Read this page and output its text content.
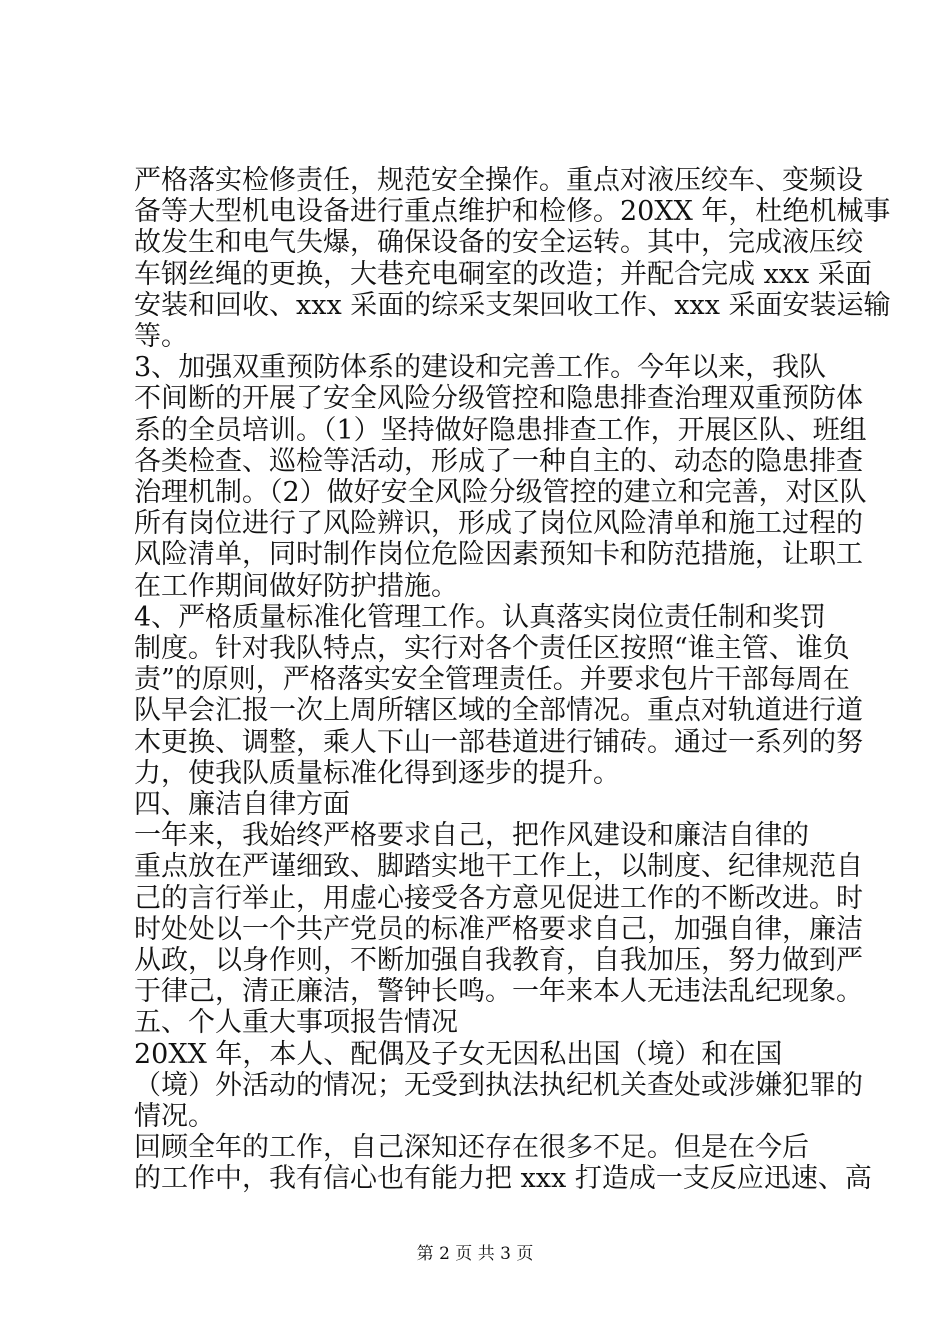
严格落实检修责任，规范安全操作。重点对液压绞车、变频设
备等大型机电设备进行重点维护和检修。20XX 年，杜绝机械事
故发生和电气失爆，确保设备的安全运转。其中，完成液压绞
车钢丝绳的更换，大巷充电硐室的改造；并配合完成 xxx 采面
安装和回收、xxx 采面的综采支架回收工作、xxx 采面安装运输
等。
3、加强双重预防体系的建设和完善工作。今年以来，我队
不间断的开展了安全风险分级管控和隐患排查治理双重预防体
系的全员培训。（1）坚持做好隐患排查工作，开展区队、班组
各类检查、巡检等活动，形成了一种自主的、动态的隐患排查
治理机制。（2）做好安全风险分级管控的建立和完善，对区队
所有岗位进行了风险辨识，形成了岗位风险清单和施工过程的
风险清单，同时制作岗位危险因素预知卡和防范措施，让职工
在工作期间做好防护措施。
4、严格质量标准化管理工作。认真落实岗位责任制和奖罚
制度。针对我队特点，实行对各个责任区按照“谁主管、谁负
责”的原则，严格落实安全管理责任。并要求包片干部每周在
队早会汇报一次上周所辖区域的全部情况。重点对轨道进行道
木更换、调整，乘人下山一部巷道进行铺砖。通过一系列的努
力，使我队质量标准化得到逐步的提升。
四、廉洁自律方面
一年来，我始终严格要求自己，把作风建设和廉洁自律的
重点放在严谨细致、脚踏实地干工作上，以制度、纪律规范自
己的言行举止，用虚心接受各方意见促进工作的不断改进。时
时处处以一个共产党员的标准严格要求自己，加强自律，廉洁
从政，以身作则，不断加强自我教育，自我加压，努力做到严
于律己，清正廉洁，警钟长鸣。一年来本人无违法乱纪现象。
五、个人重大事项报告情况
20XX 年，本人、配偶及子女无因私出国（境）和在国
（境）外活动的情况；无受到执法执纪机关查处或涉嫌犯罪的
情况。
回顾全年的工作，自己深知还存在很多不足。但是在今后
的工作中，我有信心也有能力把 xxx 打造成一支反应迅速、高
第 2 页 共 3 页
